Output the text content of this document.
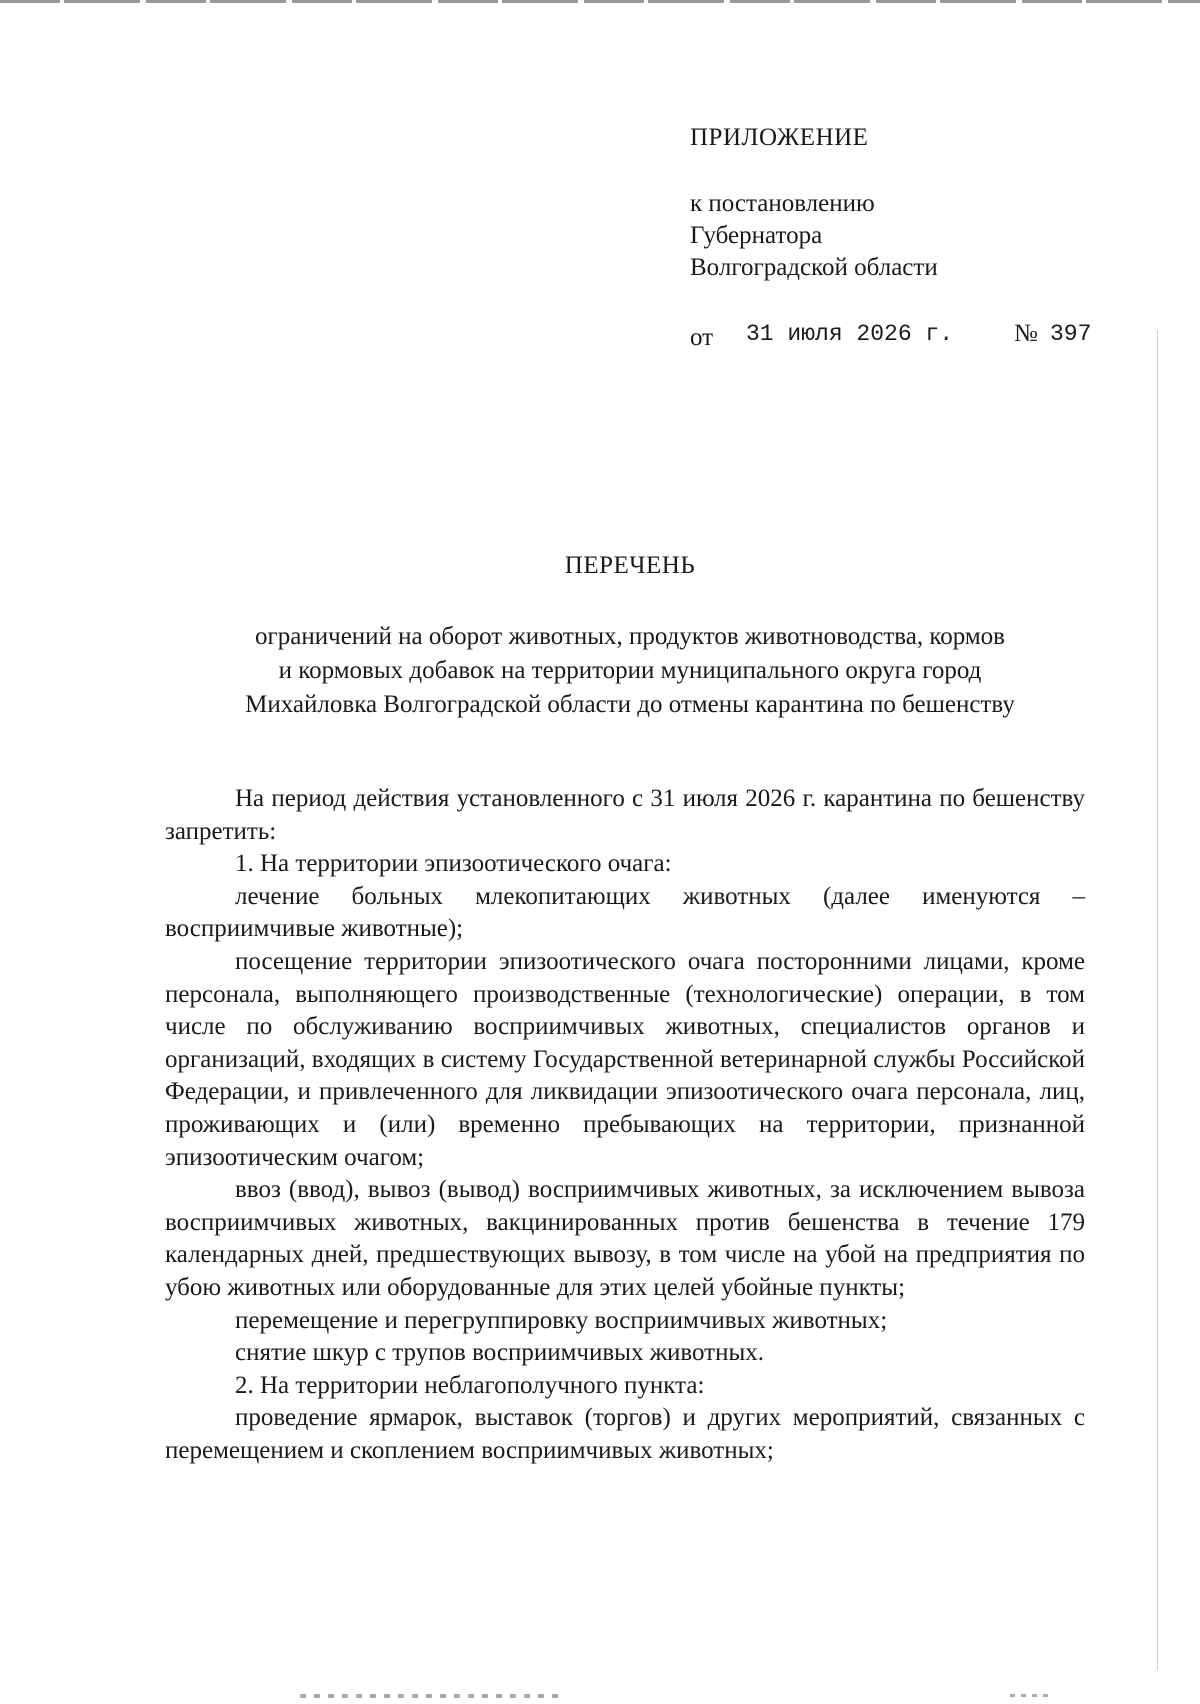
ПРИЛОЖЕНИЕ
к постановлению
Губернатора
Волгоградской области
от 31 июля 2026 г. № 397
ПЕРЕЧЕНЬ
ограничений на оборот животных, продуктов животноводства, кормов
и кормовых добавок на территории муниципального округа город
Михайловка Волгоградской области до отмены карантина по бешенству

На период действия установленного с 31 июля 2026 г. карантина по бешенству запретить:

1. На территории эпизоотического очага:

лечение больных млекопитающих животных (далее именуются – восприимчивые животные);

посещение территории эпизоотического очага посторонними лицами, кроме персонала, выполняющего производственные (технологические) операции, в том числе по обслуживанию восприимчивых животных, специалистов органов и организаций, входящих в систему Государственной ветеринарной службы Российской Федерации, и привлеченного для ликвидации эпизоотического очага персонала, лиц, проживающих и (или) временно пребывающих на территории, признанной эпизоотическим очагом;

ввоз (ввод), вывоз (вывод) восприимчивых животных, за исключением вывоза восприимчивых животных, вакцинированных против бешенства в течение 179 календарных дней, предшествующих вывозу, в том числе на убой на предприятия по убою животных или оборудованные для этих целей убойные пункты;

перемещение и перегруппировку восприимчивых животных;

снятие шкур с трупов восприимчивых животных.

2. На территории неблагополучного пункта:

проведение ярмарок, выставок (торгов) и других мероприятий, связанных с перемещением и скоплением восприимчивых животных;
